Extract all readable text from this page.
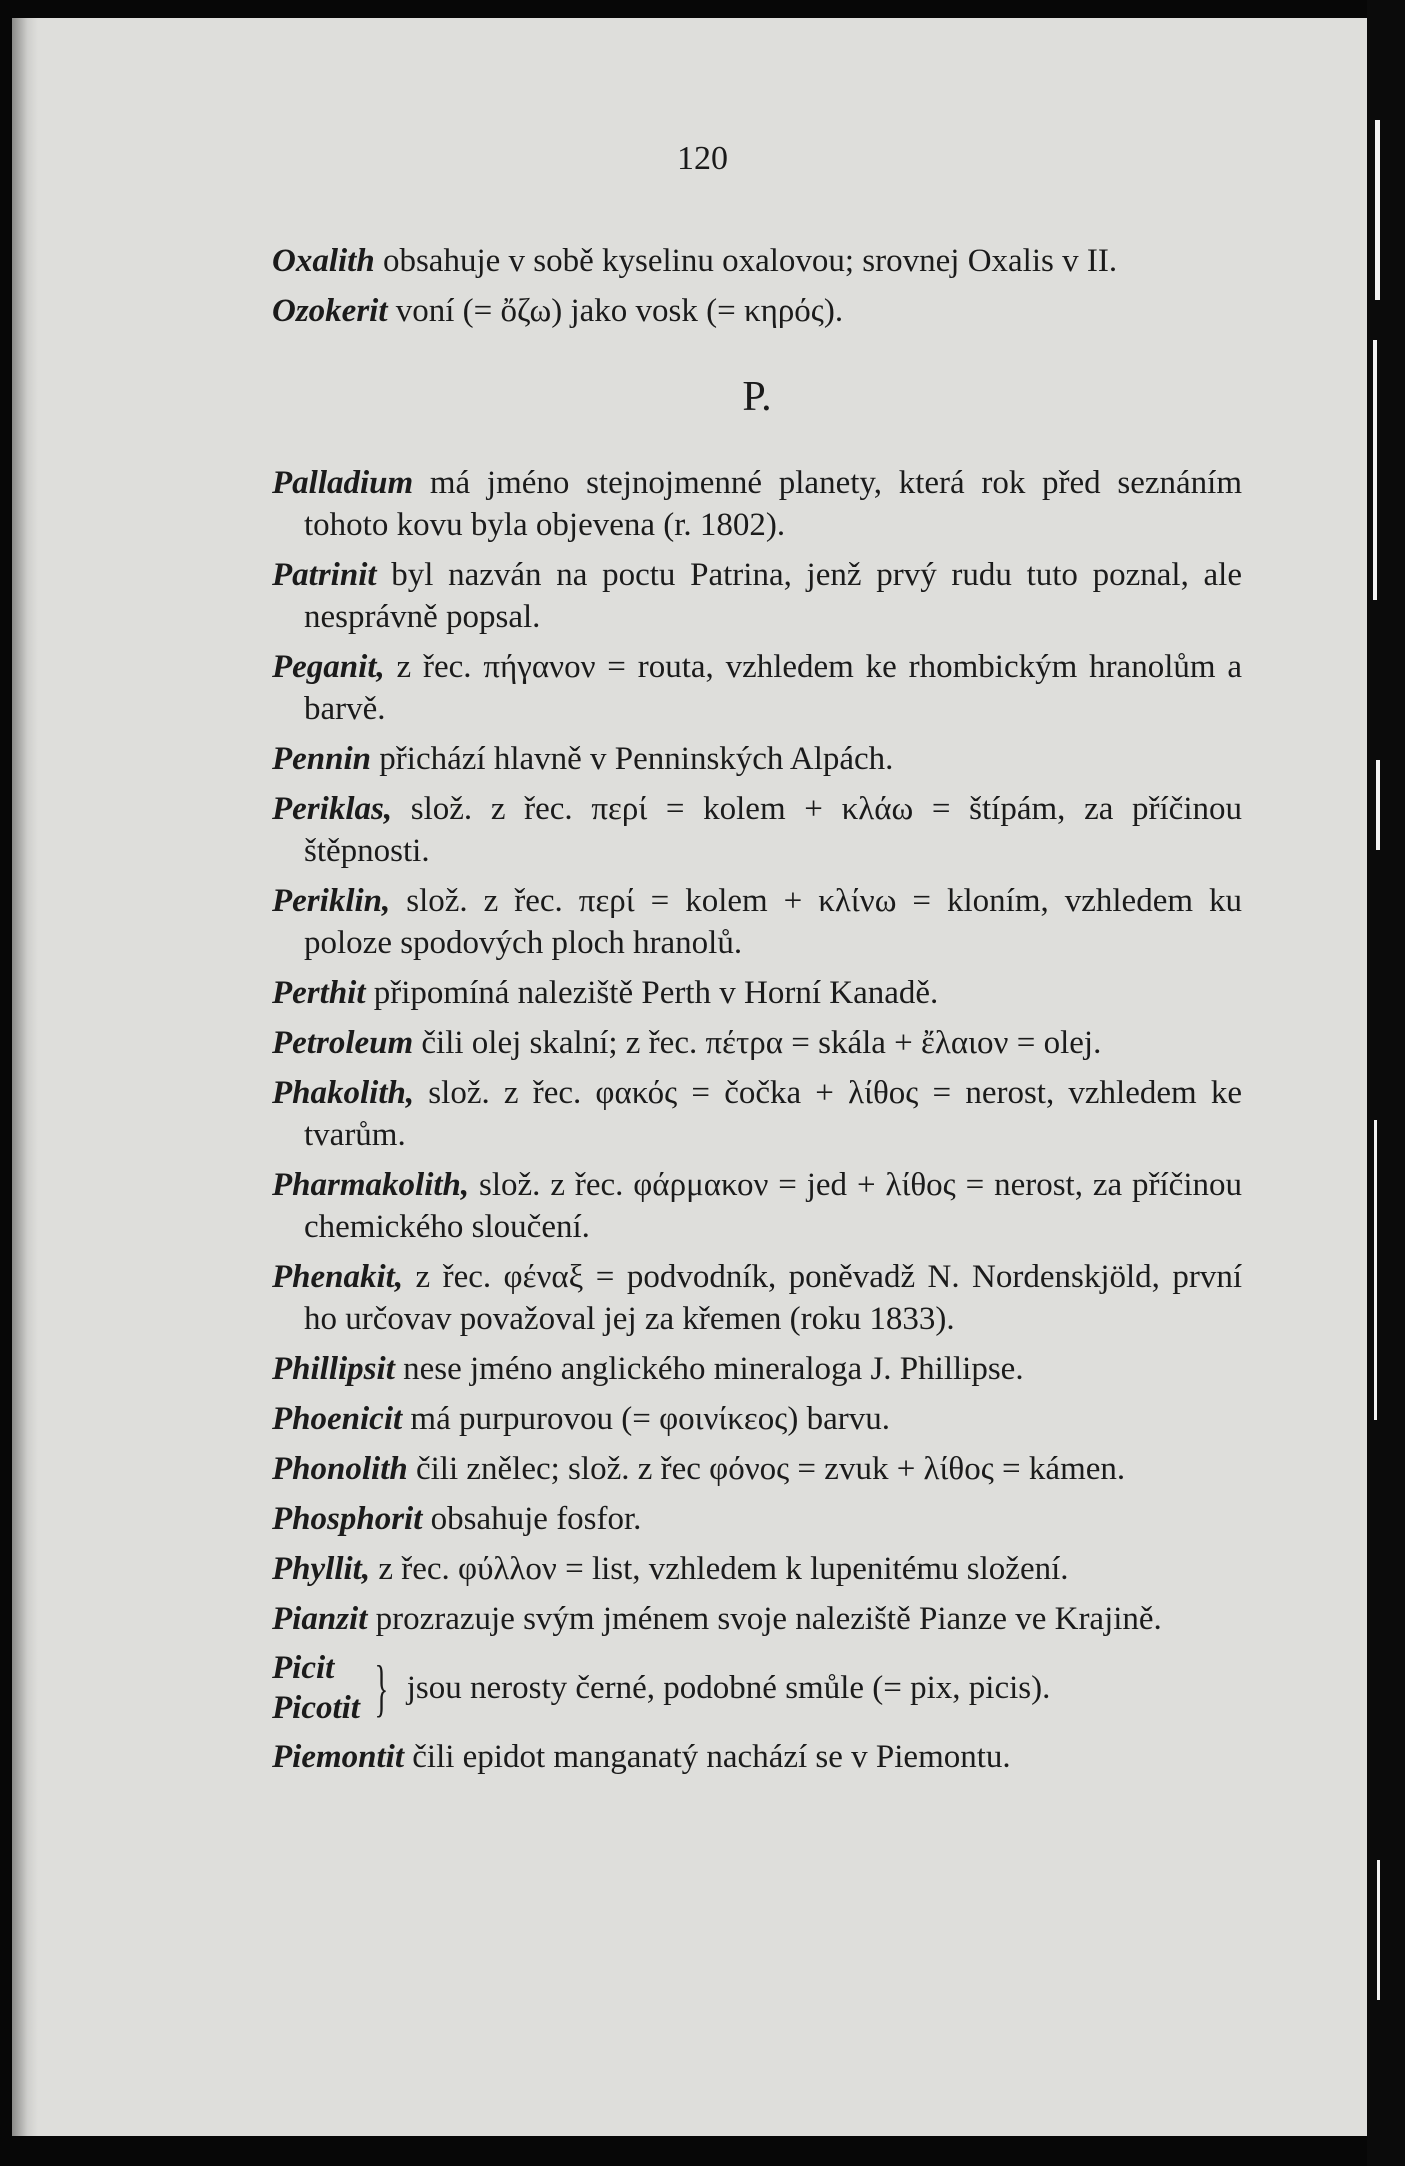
120

Oxalith obsahuje v sobě kyselinu oxalovou; srovnej Oxalis v II.

Ozokerit voní (= ὄζω) jako vosk (= κηρός).

P.

Palladium má jméno stejnojmenné planety, která rok před seznáním tohoto kovu byla objevena (r. 1802).

Patrinit byl nazván na poctu Patrina, jenž prvý rudu tuto poznal, ale nesprávně popsal.

Peganit, z řec. πήγανον = routa, vzhledem ke rhombickým hranolům a barvě.

Pennin přichází hlavně v Penninských Alpách.

Periklas, slož. z řec. περί = kolem + κλάω = štípám, za příčinou štěpnosti.

Periklin, slož. z řec. περί = kolem + κλίνω = kloním, vzhledem ku poloze spodových ploch hranolů.

Perthit připomíná naleziště Perth v Horní Kanadě.

Petroleum čili olej skalní; z řec. πέτρα = skála + ἔλαιον = olej.

Phakolith, slož. z řec. φακός = čočka + λίθος = nerost, vzhledem ke tvarům.

Pharmakolith, slož. z řec. φάρμακον = jed + λίθος = nerost, za příčinou chemického sloučení.

Phenakit, z řec. φέναξ = podvodník, poněvadž N. Nordenskjöld, první ho určovav považoval jej za křemen (roku 1833).

Phillipsit nese jméno anglického mineraloga J. Phillipse.

Phoenicit má purpurovou (= φοινίκεος) barvu.

Phonolith čili znělec; slož. z řec φόνος = zvuk + λίθος = kámen.

Phosphorit obsahuje fosfor.

Phyllit, z řec. φύλλον = list, vzhledem k lupenitému složení.

Pianzit prozrazuje svým jménem svoje naleziště Pianze ve Krajině.

Picit
Picotit } jsou nerosty černé, podobné smůle (= pix, picis).

Piemontit čili epidot manganatý nachází se v Piemontu.
